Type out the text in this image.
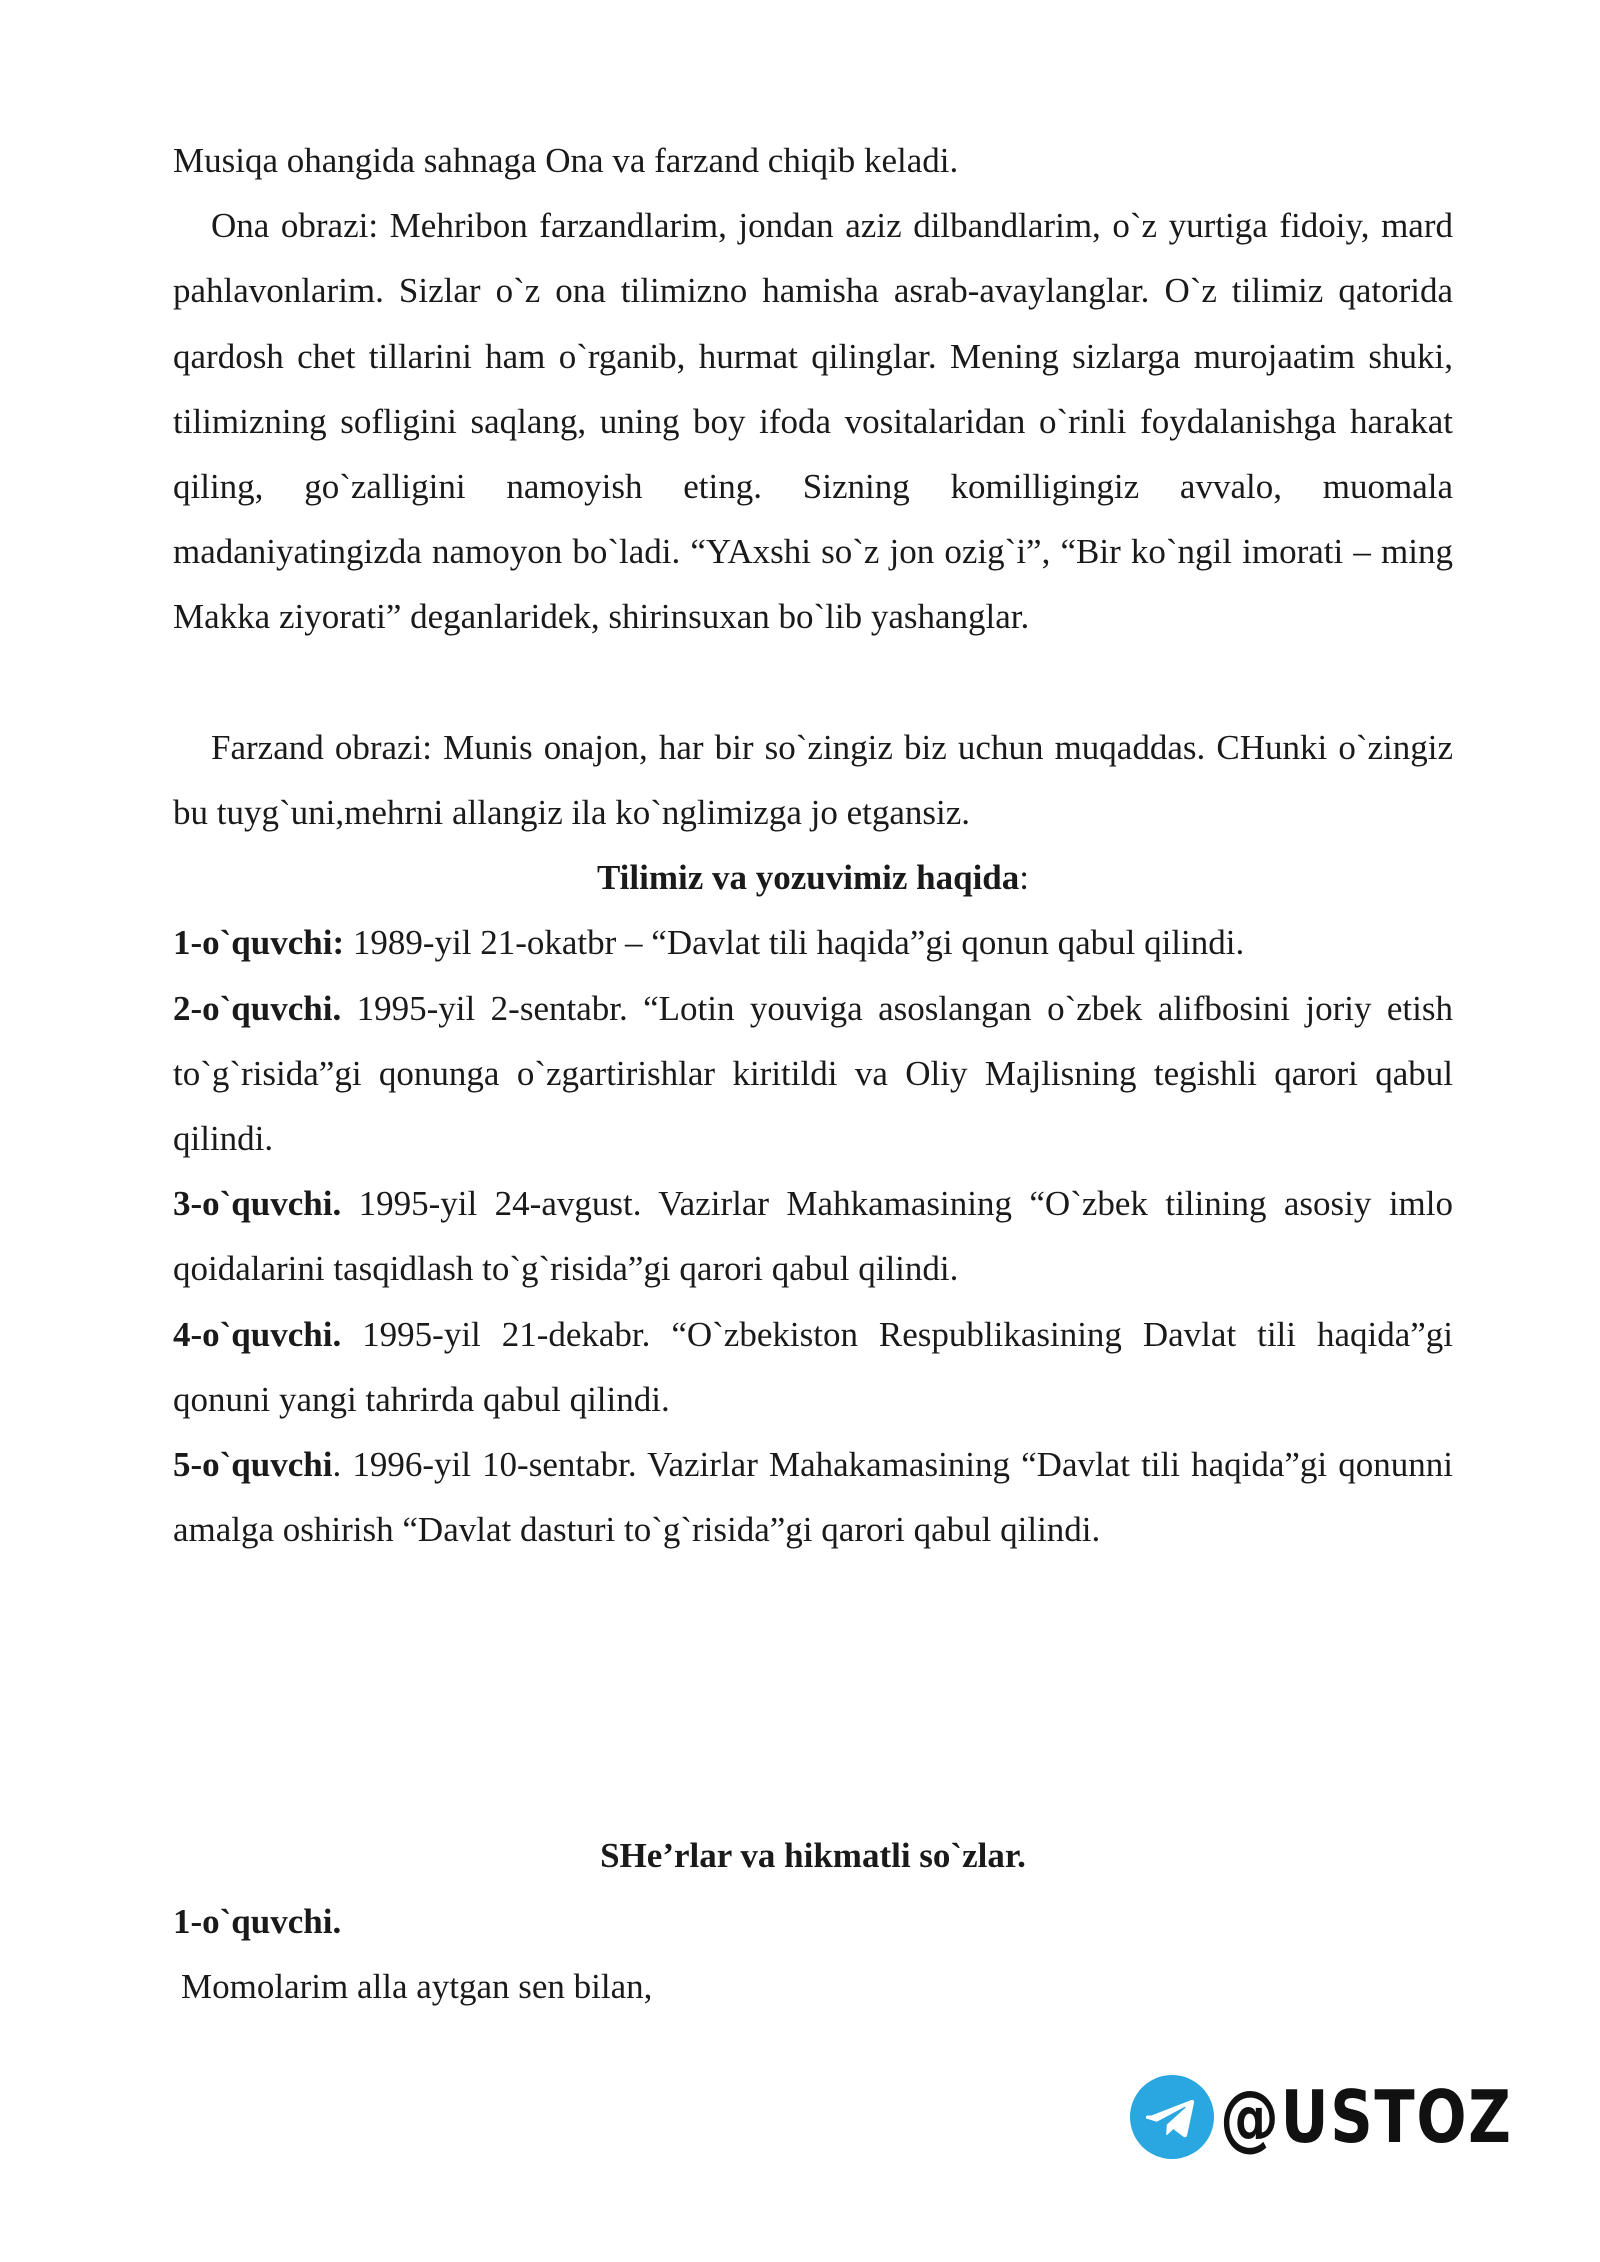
Musiqa ohangida sahnaga Ona va farzand chiqib keladi.

Ona obrazi: Mehribon farzandlarim, jondan aziz dilbandlarim, o`z yurtiga fidoiy, mard pahlavonlarim. Sizlar o`z ona tilimizno hamisha asrab-avaylanglar. O`z tilimiz qatorida qardosh chet tillarini ham o`rganib, hurmat qilinglar. Mening sizlarga murojaatim shuki, tilimizning sofligini saqlang, uning boy ifoda vositalaridan o`rinli foydalanishga harakat qiling, go`zalligini namoyish eting. Sizning komilligingiz avvalo, muomala madaniyatingizda namoyon bo`ladi. “YAxshi so`z jon ozig`i”, “Bir ko`ngil imorati – ming Makka ziyorati” deganlaridek, shirinsuxan bo`lib yashanglar.

Farzand obrazi: Munis onajon, har bir so`zingiz biz uchun muqaddas. CHunki o`zingiz bu tuyg`uni,mehrni allangiz ila ko`nglimizga jo etgansiz.

Tilimiz va yozuvimiz haqida:

1-o`quvchi: 1989-yil 21-okatbr – “Davlat tili haqida”gi qonun qabul qilindi.

2-o`quvchi. 1995-yil 2-sentabr. “Lotin youviga asoslangan o`zbek alifbosini joriy etish to`g`risida”gi qonunga o`zgartirishlar kiritildi va Oliy Majlisning tegishli qarori qabul qilindi.

3-o`quvchi. 1995-yil 24-avgust. Vazirlar Mahkamasining “O`zbek tilining asosiy imlo qoidalarini tasqidlash to`g`risida”gi qarori qabul qilindi.

4-o`quvchi. 1995-yil 21-dekabr. “O`zbekiston Respublikasining Davlat tili haqida”gi qonuni yangi tahrirda qabul qilindi.

5-o`quvchi. 1996-yil 10-sentabr. Vazirlar Mahakamasining “Davlat tili haqida”gi qonunni amalga oshirish “Davlat dasturi to`g`risida”gi qarori qabul qilindi.

SHe’rlar va hikmatli so`zlar.

1-o`quvchi.

Momolarim alla aytgan sen bilan,

@USTOZ
